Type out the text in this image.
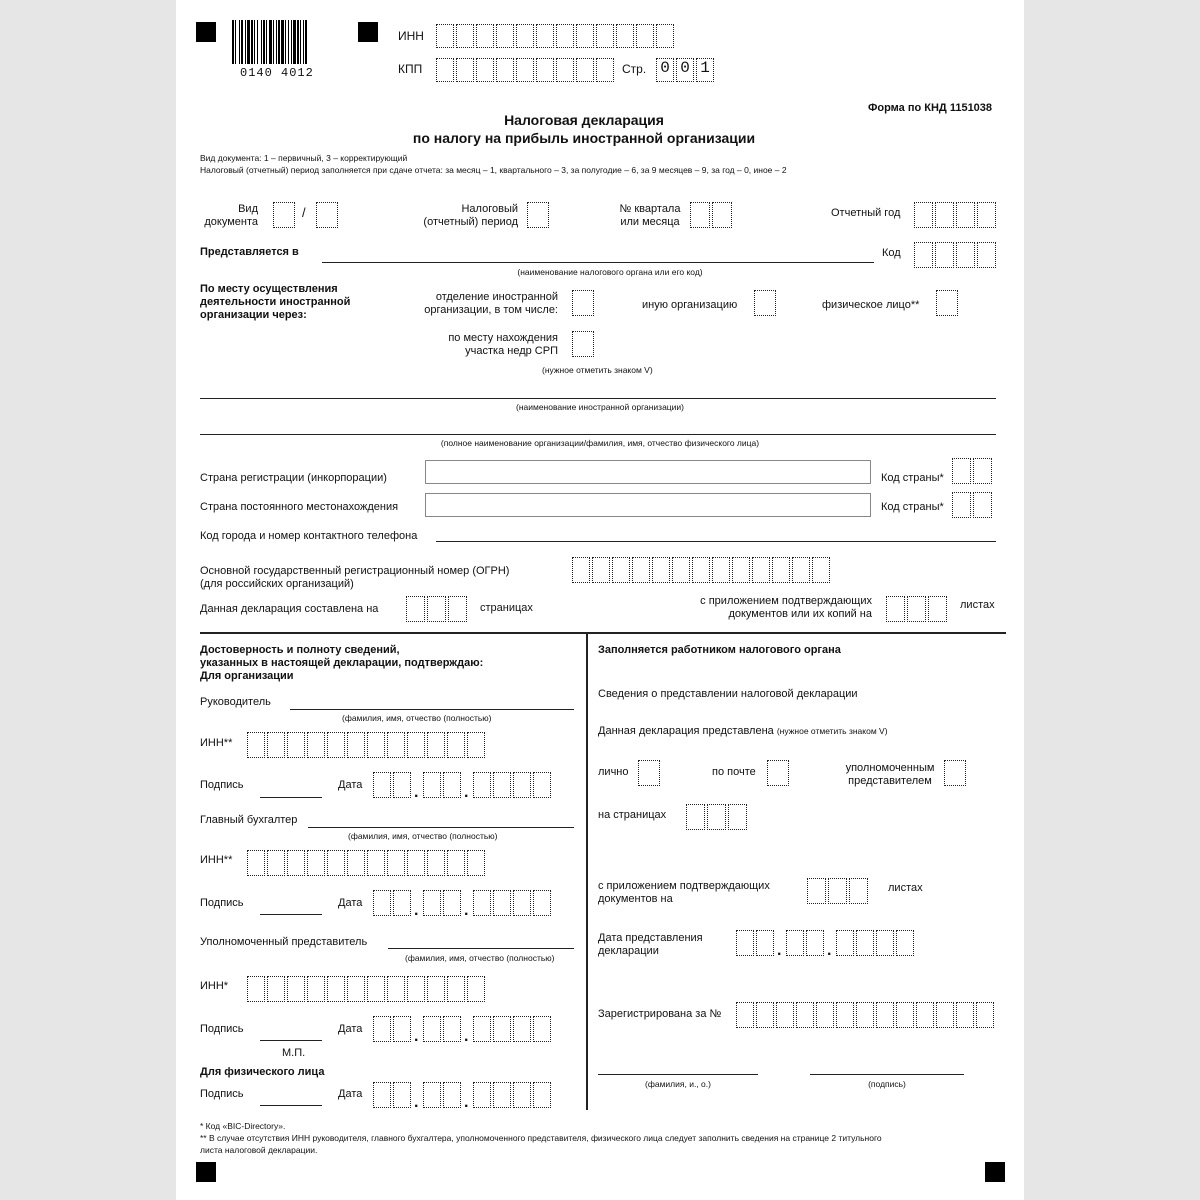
0140 4012
ИНН
КПП	Стр. 0 0 1
Форма по КНД 1151038
Налоговая декларация
по налогу на прибыль иностранной организации
Вид документа: 1 – первичный, 3 – корректирующий
Налоговый (отчетный) период заполняется при сдаче отчета: за месяц – 1, квартального – 3, за полугодие – 6, за 9 месяцев – 9, за год – 0, иное – 2
Вид
документа
/	Налоговый
(отчетный) период
№ квартала
или месяца
Отчетный год
Представляется в
(наименование налогового органа или его код)
Код
По месту осуществления
деятельности иностранной
организации через:
отделение иностранной
организации, в том числе:	иную организацию	физическое лицо**
по месту нахождения
участка недр СРП
(нужное отметить знаком V)
(наименование иностранной организации)
(полное наименование организации/фамилия, имя, отчество физического лица)
Страна регистрации (инкорпорации)	Код страны*
Страна постоянного местонахождения	Код страны*
Код города и номер контактного телефона
Основной государственный регистрационный номер (ОГРН)
(для российских организаций)
Данная декларация составлена на	страницах
с приложением подтверждающих
документов или их копий на
листах
Достоверность и полноту сведений,
указанных в настоящей декларации, подтверждаю:
Для организации
Руководитель
(фамилия, имя, отчество (полностью)
ИНН**
Подпись	Дата	.	.
Главный бухгалтер
(фамилия, имя, отчество (полностью)
ИНН**
Подпись	Дата	.	.
Уполномоченный представитель
(фамилия, имя, отчество (полностью)
ИНН*
Подпись	Дата	.	.
М.П.
Для физического лица
Подпись	Дата	.	.
Заполняется работником налогового органа
Сведения о представлении налоговой декларации
Данная декларация представлена (нужное отметить знаком V)
лично	по почте	уполномоченным
представителем
на страницах
с приложением подтверждающих
документов на
листах
Дата представления
декларации	.	.
Зарегистрирована за №
(фамилия, и., о.)	(подпись)
* Код «BIC-Directory».
** В случае отсутствия ИНН руководителя, главного бухгалтера, уполномоченного представителя, физического лица следует заполнить сведения на странице 2 титульного
листа налоговой декларации.
